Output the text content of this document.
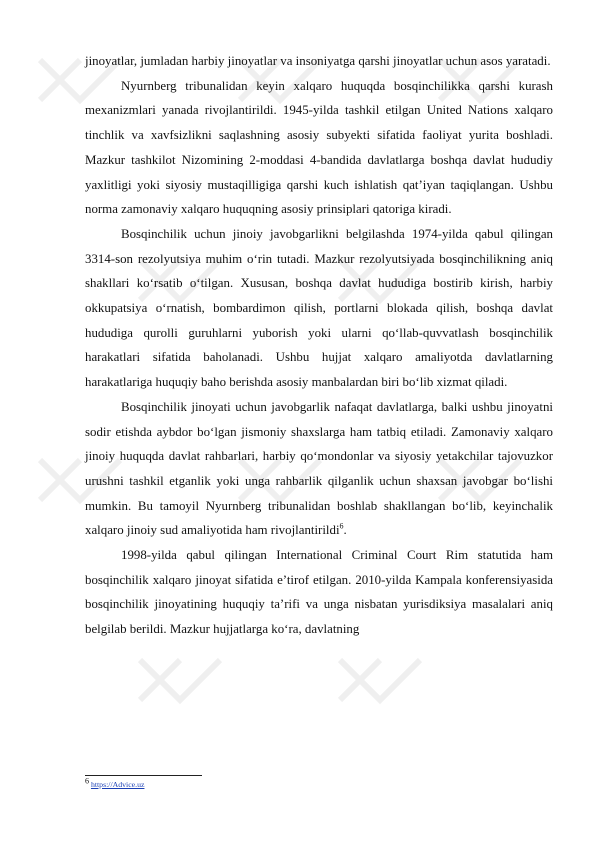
jinoyatlar, jumladan harbiy jinoyatlar va insoniyatga qarshi jinoyatlar uchun asos yaratadi.

Nyurnberg tribunalidan keyin xalqaro huquqda bosqinchilikka qarshi kurash mexanizmlari yanada rivojlantirildi. 1945-yilda tashkil etilgan United Nations xalqaro tinchlik va xavfsizlikni saqlashning asosiy subyekti sifatida faoliyat yurita boshladi. Mazkur tashkilot Nizomining 2-moddasi 4-bandida davlatlarga boshqa davlat hududiy yaxlitligi yoki siyosiy mustaqilligiga qarshi kuch ishlatish qat’iyan taqiqlangan. Ushbu norma zamonaviy xalqaro huquqning asosiy prinsiplari qatoriga kiradi.

Bosqinchilik uchun jinoiy javobgarlikni belgilashda 1974-yilda qabul qilingan 3314-son rezolyutsiya muhim o‘rin tutadi. Mazkur rezolyutsiyada bosqinchilikning aniq shakllari ko‘rsatib o‘tilgan. Xususan, boshqa davlat hududiga bostirib kirish, harbiy okkupatsiya o‘rnatish, bombardimon qilish, portlarni blokada qilish, boshqa davlat hududiga qurolli guruhlarni yuborish yoki ularni qo‘llab-quvvatlash bosqinchilik harakatlari sifatida baholanadi. Ushbu hujjat xalqaro amaliyotda davlatlarning harakatlariga huquqiy baho berishda asosiy manbalardan biri bo‘lib xizmat qiladi.

Bosqinchilik jinoyati uchun javobgarlik nafaqat davlatlarga, balki ushbu jinoyatni sodir etishda aybdor bo‘lgan jismoniy shaxslarga ham tatbiq etiladi. Zamonaviy xalqaro jinoiy huquqda davlat rahbarlari, harbiy qo‘mondonlar va siyosiy yetakchilar tajovuzkor urushni tashkil etganlik yoki unga rahbarlik qilganlik uchun shaxsan javobgar bo‘lishi mumkin. Bu tamoyil Nyurnberg tribunalidan boshlab shakllangan bo‘lib, keyinchalik xalqaro jinoiy sud amaliyotida ham rivojlantirildi$^6$.

1998-yilda qabul qilingan International Criminal Court Rim statutida ham bosqinchilik xalqaro jinoyat sifatida e’tirof etilgan. 2010-yilda Kampala konferensiyasida bosqinchilik jinoyatining huquqiy ta’rifi va unga nisbatan yurisdiksiya masalalari aniq belgilab berildi. Mazkur hujjatlarga ko‘ra, davlatning

$^6$ https://Advice.uz
